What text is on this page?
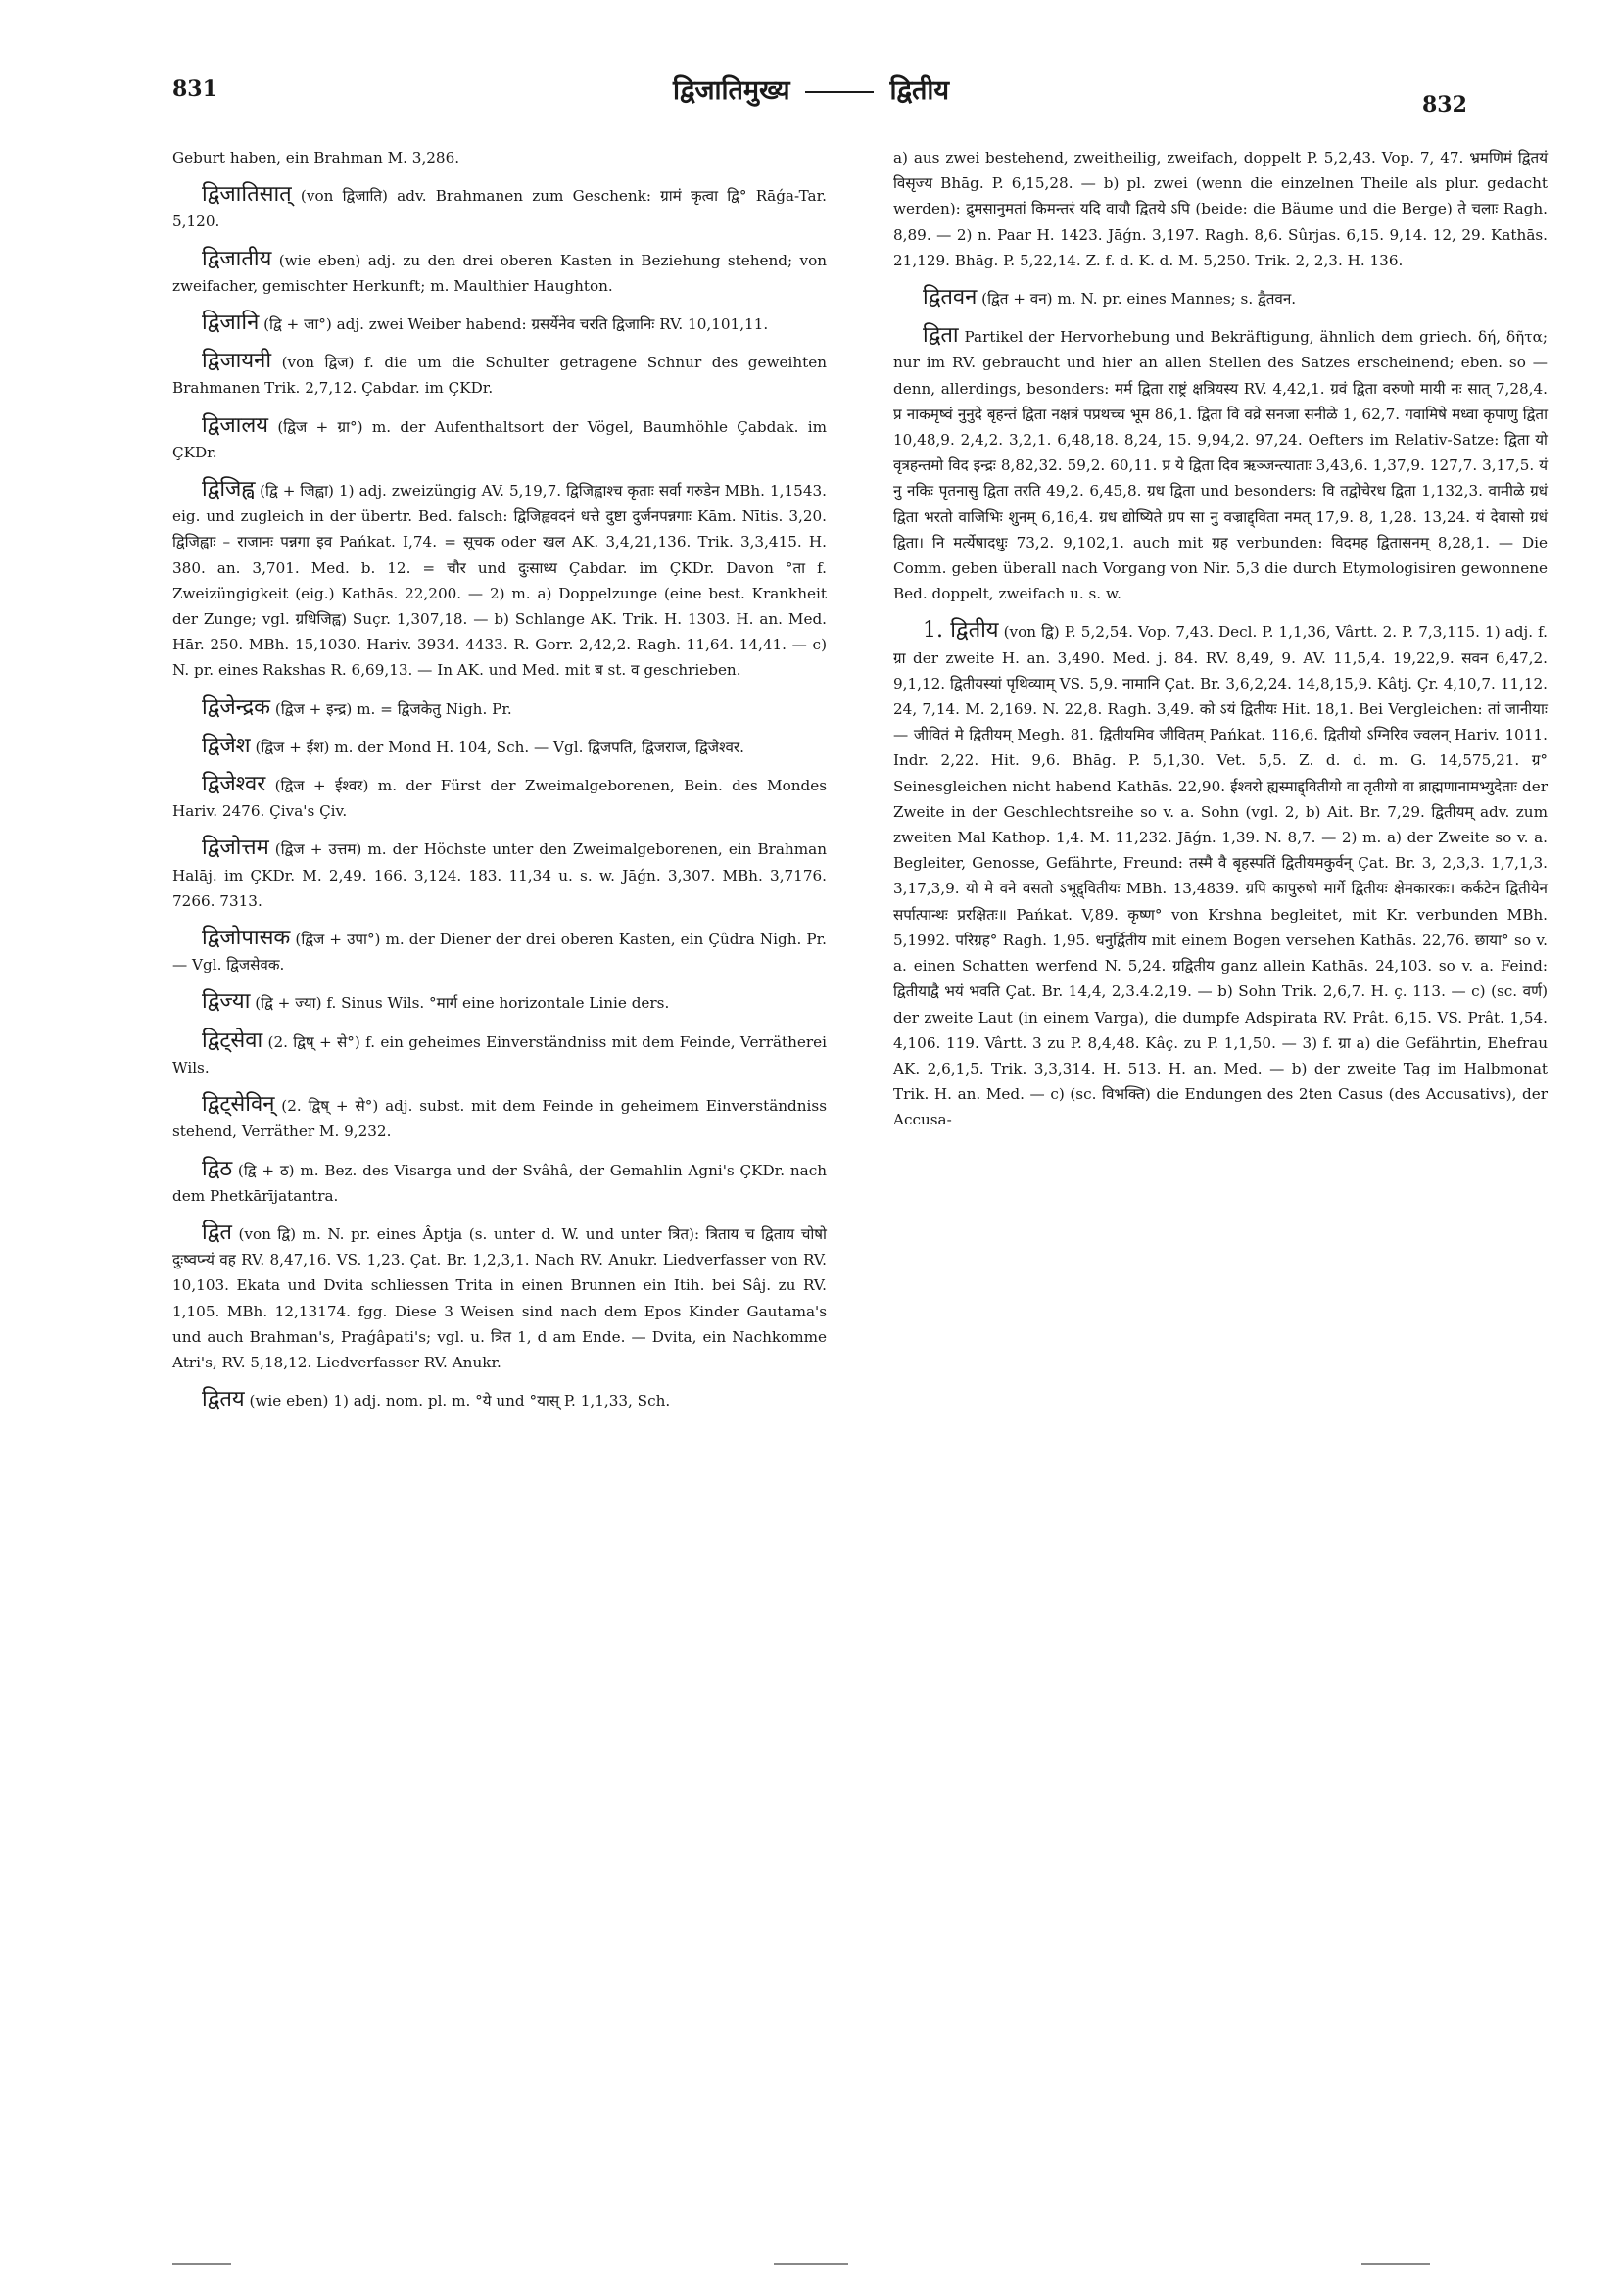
831	द्विजातिमुख्य	द्वितीय	832

Geburt haben, ein Brahman M. 3,286.

द्विजातिसात् (von द्विजाति) adv. Brahmanen zum Geschenk: ग्रामं कृत्वा द्वि° Rāǵa-Tar. 5,120.

द्विजातीय (wie eben) adj. zu den drei oberen Kasten in Beziehung stehend; von zweifacher, gemischter Herkunft; m. Maulthier Haughton.

द्विजानि (द्वि + जा°) adj. zwei Weiber habend: ग्रसर्येनेव चरति द्विजानिः RV. 10,101,11.

द्विजायनी (von द्विज) f. die um die Schulter getragene Schnur des geweihten Brahmanen Trik. 2,7,12. Çabdar. im ÇKDr.

द्विजालय (द्विज + ग्रा°) m. der Aufenthaltsort der Vögel, Baumhöhle Çabdak. im ÇKDr.

द्विजिह्व (द्वि + जिह्वा) 1) adj. zweizüngig AV. 5,19,7. द्विजिह्वाश्च कृताः सर्वा गरुडेन MBh. 1,1543. eig. und zugleich in der übertr. Bed. falsch: द्विजिह्ववदनं धत्ते दुष्टा दुर्जनपन्नगाः Kām. Nītis. 3,20. द्विजिह्वाः – राजानः पन्नगा इव Pańkat. I,74. = सूचक oder खल AK. 3,4,21,136. Trik. 3,3,415. H. 380. an. 3,701. Med. b. 12. = चौर und दुःसाध्य Çabdar. im ÇKDr. Davon °ता f. Zweizüngigkeit (eig.) Kathās. 22,200. — 2) m. a) Doppelzunge (eine best. Krankheit der Zunge; vgl. ग्रधिजिह्व) Suçr. 1,307,18. — b) Schlange AK. Trik. H. 1303. H. an. Med. Hār. 250. MBh. 15,1030. Hariv. 3934. 4433. R. Gorr. 2,42,2. Ragh. 11,64. 14,41. — c) N. pr. eines Rakshas R. 6,69,13. — In AK. und Med. mit ब st. व geschrieben.

द्विजेन्द्रक (द्विज + इन्द्र) m. = द्विजकेतु Nigh. Pr.

द्विजेश (द्विज + ईश) m. der Mond H. 104, Sch. — Vgl. द्विजपति, द्विजराज, द्विजेश्वर.

द्विजेश्वर (द्विज + ईश्वर) m. der Fürst der Zweimalgeborenen, Bein. des Mondes Hariv. 2476. Çiva's Çiv.

द्विजोत्तम (द्विज + उत्तम) m. der Höchste unter den Zweimalgeborenen, ein Brahman Halāj. im ÇKDr. M. 2,49. 166. 3,124. 183. 11,34 u. s. w. Jāǵn. 3,307. MBh. 3,7176. 7266. 7313.

द्विजोपासक (द्विज + उपा°) m. der Diener der drei oberen Kasten, ein Çûdra Nigh. Pr. — Vgl. द्विजसेवक.

द्विज्या (द्वि + ज्या) f. Sinus Wils. °मार्ग eine horizontale Linie ders.

द्विट्सेवा (2. द्विष् + से°) f. ein geheimes Einverständniss mit dem Feinde, Verrätherei Wils.

द्विट्सेविन् (2. द्विष् + से°) adj. subst. mit dem Feinde in geheimem Einverständniss stehend, Verräther M. 9,232.

द्विठ (द्वि + ठ) m. Bez. des Visarga und der Svâhâ, der Gemahlin Agni's ÇKDr. nach dem Phetkārījatantra.

द्वित (von द्वि) m. N. pr. eines Âptja (s. unter d. W. und unter त्रित): त्रिताय च द्विताय चोषो दुःष्वप्न्यं वह RV. 8,47,16. VS. 1,23. Çat. Br. 1,2,3,1. Nach RV. Anukr. Liedverfasser von RV. 10,103. Ekata und Dvita schliessen Trita in einen Brunnen ein Itih. bei Sâj. zu RV. 1,105. MBh. 12,13174. fgg. Diese 3 Weisen sind nach dem Epos Kinder Gautama's und auch Brahman's, Praǵâpati's; vgl. u. त्रित 1, d am Ende. — Dvita, ein Nachkomme Atri's, RV. 5,18,12. Liedverfasser RV. Anukr.

द्वितय (wie eben) 1) adj. nom. pl. m. °ये und °यास् P. 1,1,33, Sch.

a) aus zwei bestehend, zweitheilig, zweifach, doppelt P. 5,2,43. Vop. 7, 47. भ्रमणिमं द्वितयं विसृज्य Bhāg. P. 6,15,28. — b) pl. zwei (wenn die einzelnen Theile als plur. gedacht werden): द्रुमसानुमतां किमन्तरं यदि वायौ द्वितये ऽपि (beide: die Bäume und die Berge) ते चलाः Ragh. 8,89. — 2) n. Paar H. 1423. Jāǵn. 3,197. Ragh. 8,6. Sûrjas. 6,15. 9,14. 12, 29. Kathās. 21,129. Bhāg. P. 5,22,14. Z. f. d. K. d. M. 5,250. Trik. 2, 2,3. H. 136.

द्वितवन (द्वित + वन) m. N. pr. eines Mannes; s. द्वैतवन.

द्विता Partikel der Hervorhebung und Bekräftigung, ähnlich dem griech. δή, δῆτα; nur im RV. gebraucht und hier an allen Stellen des Satzes erscheinend; eben. so — denn, allerdings, besonders: मर्म द्विता राष्ट्रं क्षत्रियस्य RV. 4,42,1. ग्रवं द्विता वरुणो मायी नः सात् 7,28,4. प्र नाकमृष्वं नुनुदे बृहन्तं द्विता नक्षत्रं पप्रथच्च भूम 86,1. द्विता वि वव्रे सनजा सनीळे 1, 62,7. गवामिषे मध्वा कृपाणु द्विता 10,48,9. 2,4,2. 3,2,1. 6,48,18. 8,24, 15. 9,94,2. 97,24. Oefters im Relativ-Satze: द्विता यो वृत्रहन्तमो विद इन्द्रः 8,82,32. 59,2. 60,11. प्र ये द्विता दिव ऋञ्जन्त्याताः 3,43,6. 1,37,9. 127,7. 3,17,5. यं नु नकिः पृतनासु द्विता तरति 49,2. 6,45,8. ग्रध द्विता und besonders: वि तद्वोचेरध द्विता 1,132,3. वामीळे ग्रधं द्विता भरतो वाजिभिः शुनम् 6,16,4. ग्रध द्योष्यिते ग्रप सा नु वज्राद्द्विता नमत् 17,9. 8, 1,28. 13,24. यं देवासो ग्रधं द्विता। नि मर्त्येषादधुः 73,2. 9,102,1. auch mit ग्रह verbunden: विदमह द्वितासनम् 8,28,1. — Die Comm. geben überall nach Vorgang von Nir. 5,3 die durch Etymologisiren gewonnene Bed. doppelt, zweifach u. s. w.

1. द्वितीय (von द्वि) P. 5,2,54. Vop. 7,43. Decl. P. 1,1,36, Vârtt. 2. P. 7,3,115. 1) adj. f. ग्रा der zweite H. an. 3,490. Med. j. 84. RV. 8,49, 9. AV. 11,5,4. 19,22,9. सवन 6,47,2. 9,1,12. द्वितीयस्यां पृथिव्याम् VS. 5,9. नामानि Çat. Br. 3,6,2,24. 14,8,15,9. Kâtj. Çr. 4,10,7. 11,12. 24, 7,14. M. 2,169. N. 22,8. Ragh. 3,49. को ऽयं द्वितीयः Hit. 18,1. Bei Vergleichen: तां जानीयाः — जीवितं मे द्वितीयम् Megh. 81. द्वितीयमिव जीवितम् Pańkat. 116,6. द्वितीयो ऽग्निरिव ज्वलन् Hariv. 1011. Indr. 2,22. Hit. 9,6. Bhāg. P. 5,1,30. Vet. 5,5. Z. d. d. m. G. 14,575,21. ग्र° Seinesgleichen nicht habend Kathās. 22,90. ईश्वरो ह्यस्माद्द्वितीयो वा तृतीयो वा ब्राह्मणानामभ्युदेताः der Zweite in der Geschlechtsreihe so v. a. Sohn (vgl. 2, b) Ait. Br. 7,29. द्वितीयम् adv. zum zweiten Mal Kathop. 1,4. M. 11,232. Jāǵn. 1,39. N. 8,7. — 2) m. a) der Zweite so v. a. Begleiter, Genosse, Gefährte, Freund: तस्मै वै बृहस्पतिं द्वितीयमकुर्वन् Çat. Br. 3, 2,3,3. 1,7,1,3. 3,17,3,9. यो मे वने वसतो ऽभूद्द्वितीयः MBh. 13,4839. ग्रपि कापुरुषो मार्गे द्वितीयः क्षेमकारकः। कर्कटेन द्वितीयेन सर्पात्पान्थः प्ररक्षितः॥ Pańkat. V,89. कृष्ण° von Krshna begleitet, mit Kr. verbunden MBh. 5,1992. परिग्रह° Ragh. 1,95. धनुर्द्वितीय mit einem Bogen versehen Kathās. 22,76. छाया° so v. a. einen Schatten werfend N. 5,24. ग्रद्वितीय ganz allein Kathās. 24,103. so v. a. Feind: द्वितीयाद्वै भयं भवति Çat. Br. 14,4, 2,3.4.2,19. — b) Sohn Trik. 2,6,7. H. ç. 113. — c) (sc. वर्ण) der zweite Laut (in einem Varga), die dumpfe Adspirata RV. Prât. 6,15. VS. Prât. 1,54. 4,106. 119. Vârtt. 3 zu P. 8,4,48. Kâç. zu P. 1,1,50. — 3) f. ग्रा a) die Gefährtin, Ehefrau AK. 2,6,1,5. Trik. 3,3,314. H. 513. H. an. Med. — b) der zweite Tag im Halbmonat Trik. H. an. Med. — c) (sc. विभक्ति) die Endungen des 2ten Casus (des Accusativs), der Accusa-
